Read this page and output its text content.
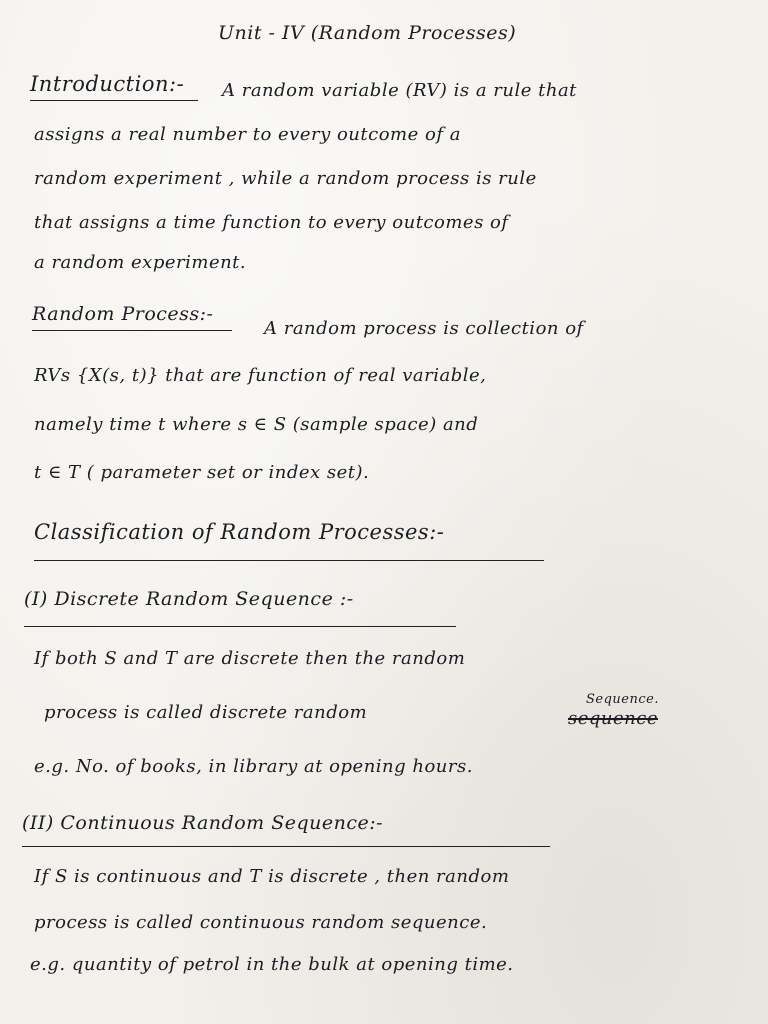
Unit - IV (Random Processes)
Introduction:- A random variable (RV) is a rule that
assigns a real number to every outcome of a
random experiment , while a random process is rule
that assigns a time function to every outcomes of
a random experiment.
Random Process:-
A random process is collection of
RVs {X(s, t)} that are function of real variable,
namely time t where s ∈ S (sample space) and
t ∈ T ( parameter set or index set).
Classification of Random Processes:-
(I) Discrete Random Sequence :-
If both S and T are discrete then the random
process is called discrete random
Sequence.
sequence
e.g. No. of books, in library at opening hours.
(II) Continuous Random Sequence:-
If S is continuous and T is discrete , then random
process is called continuous random sequence.
e.g. quantity of petrol in the bulk at opening time.
